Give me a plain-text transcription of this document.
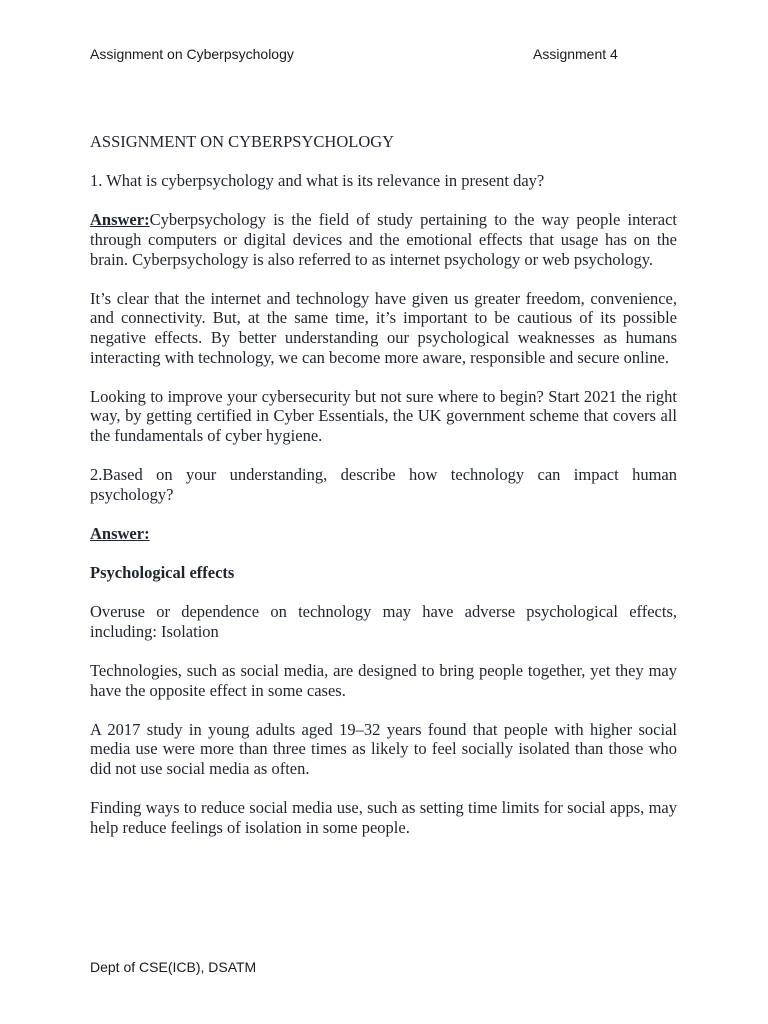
Assignment on Cyberpsychology	Assignment 4

ASSIGNMENT ON CYBERPSYCHOLOGY

1. What is cyberpsychology and what is its relevance in present day?

Answer:Cyberpsychology is the field of study pertaining to the way people interact through computers or digital devices and the emotional effects that usage has on the brain. Cyberpsychology is also referred to as internet psychology or web psychology.

It’s clear that the internet and technology have given us greater freedom, convenience, and connectivity. But, at the same time, it’s important to be cautious of its possible negative effects. By better understanding our psychological weaknesses as humans interacting with technology, we can become more aware, responsible and secure online.

Looking to improve your cybersecurity but not sure where to begin? Start 2021 the right way, by getting certified in Cyber Essentials, the UK government scheme that covers all the fundamentals of cyber hygiene.

2.Based on your understanding, describe how technology can impact human psychology?

Answer:

Psychological effects

Overuse or dependence on technology may have adverse psychological effects, including: Isolation

Technologies, such as social media, are designed to bring people together, yet they may have the opposite effect in some cases.

A 2017 study in young adults aged 19–32 years found that people with higher social media use were more than three times as likely to feel socially isolated than those who did not use social media as often.

Finding ways to reduce social media use, such as setting time limits for social apps, may help reduce feelings of isolation in some people.

Dept of CSE(ICB), DSATM
